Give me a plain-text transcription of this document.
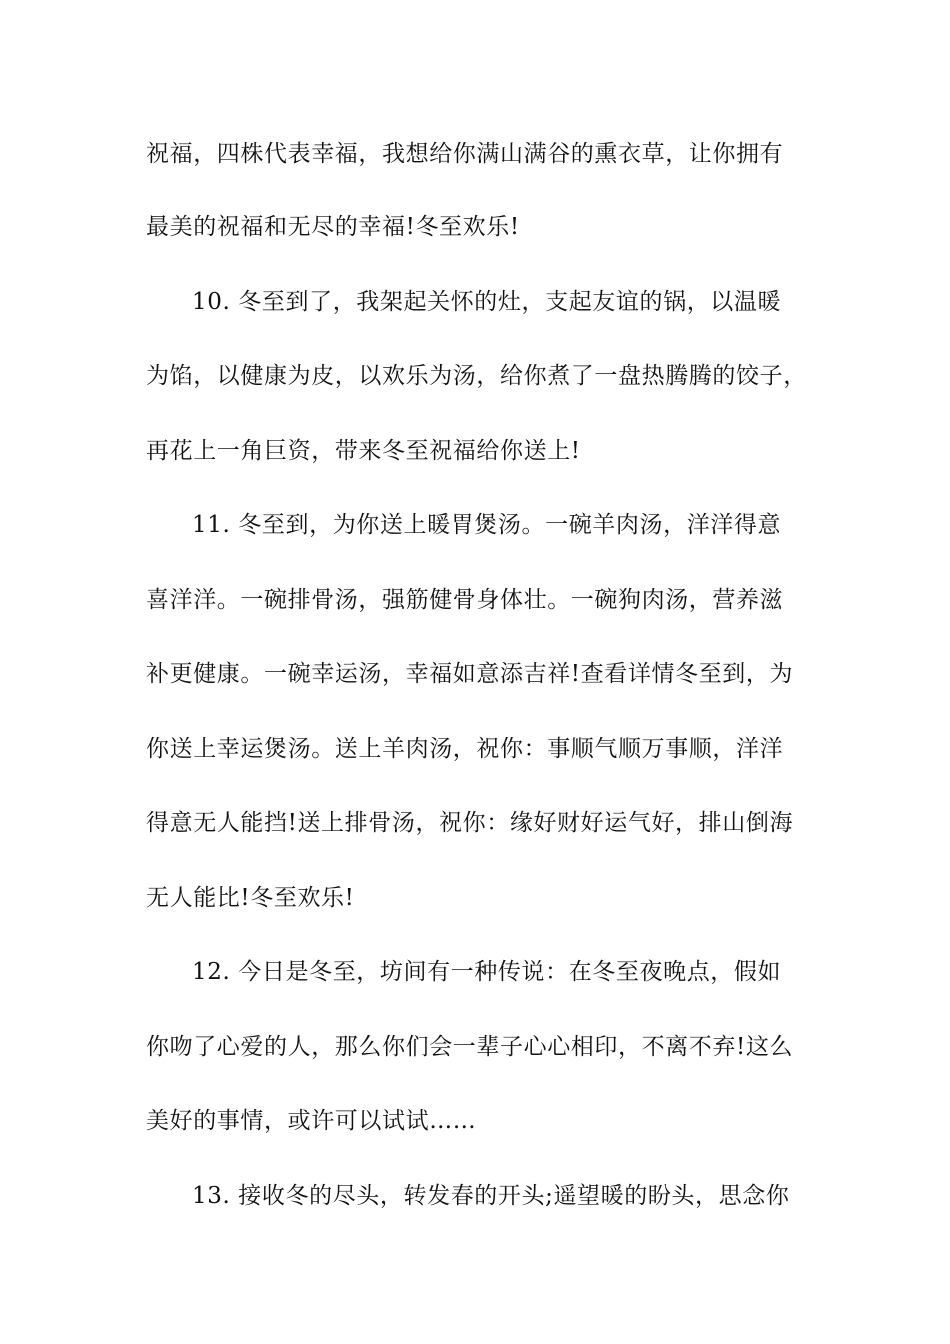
祝福，四株代表幸福，我想给你满山满谷的熏衣草，让你拥有
最美的祝福和无尽的幸福!冬至欢乐!
10. 冬至到了，我架起关怀的灶，支起友谊的锅，以温暖
为馅，以健康为皮，以欢乐为汤，给你煮了一盘热腾腾的饺子，
再花上一角巨资，带来冬至祝福给你送上!
11. 冬至到，为你送上暖胃煲汤。一碗羊肉汤，洋洋得意
喜洋洋。一碗排骨汤，强筋健骨身体壮。一碗狗肉汤，营养滋
补更健康。一碗幸运汤，幸福如意添吉祥!查看详情冬至到，为
你送上幸运煲汤。送上羊肉汤，祝你：事顺气顺万事顺，洋洋
得意无人能挡!送上排骨汤，祝你：缘好财好运气好，排山倒海
无人能比!冬至欢乐!
12. 今日是冬至，坊间有一种传说：在冬至夜晚点，假如
你吻了心爱的人，那么你们会一辈子心心相印，不离不弃!这么
美好的事情，或许可以试试……
13. 接收冬的尽头，转发春的开头;遥望暖的盼头，思念你
